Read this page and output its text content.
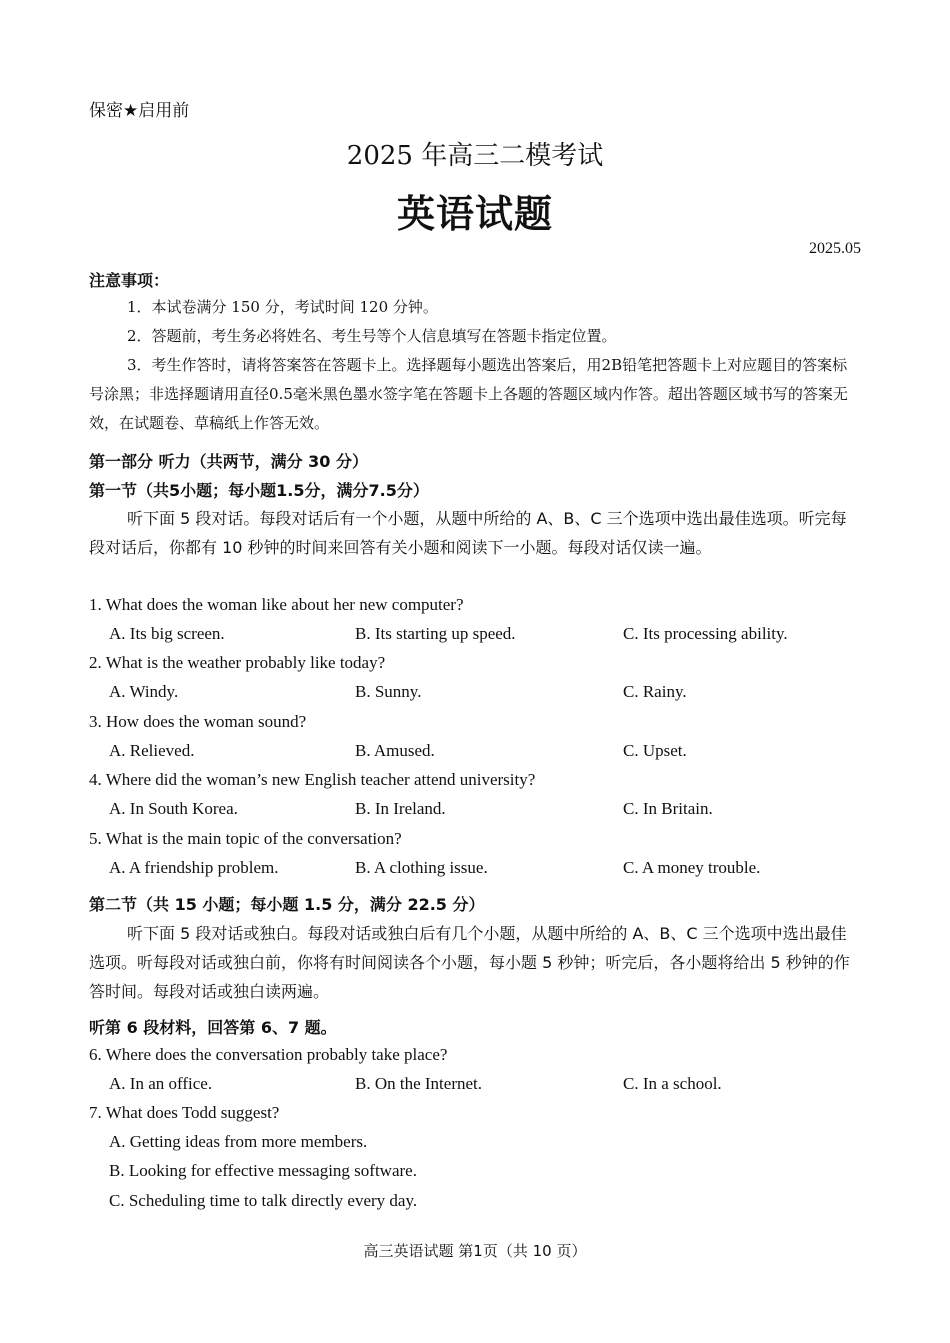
保密★启用前
2025 年高三二模考试
英语试题
2025.05
注意事项：
1．本试卷满分 150 分，考试时间 120 分钟。
2．答题前，考生务必将姓名、考生号等个人信息填写在答题卡指定位置。
3．考生作答时，请将答案答在答题卡上。选择题每小题选出答案后，用2B铅笔把答题卡上对应题目的答案标号涂黑；非选择题请用直径0.5毫米黑色墨水签字笔在答题卡上各题的答题区域内作答。超出答题区域书写的答案无效，在试题卷、草稿纸上作答无效。
第一部分 听力（共两节，满分 30 分）
第一节（共5小题；每小题1.5分，满分7.5分）
听下面 5 段对话。每段对话后有一个小题，从题中所给的 A、B、C 三个选项中选出最佳选项。听完每段对话后，你都有 10 秒钟的时间来回答有关小题和阅读下一小题。每段对话仅读一遍。
1. What does the woman like about her new computer?
A. Its big screen.	B. Its starting up speed.	C. Its processing ability.
2. What is the weather probably like today?
A. Windy.	B. Sunny.	C. Rainy.
3. How does the woman sound?
A. Relieved.	B. Amused.	C. Upset.
4. Where did the woman’s new English teacher attend university?
A. In South Korea.	B. In Ireland.	C. In Britain.
5. What is the main topic of the conversation?
A. A friendship problem.	B. A clothing issue.	C. A money trouble.
第二节（共 15 小题；每小题 1.5 分，满分 22.5 分）
听下面 5 段对话或独白。每段对话或独白后有几个小题，从题中所给的 A、B、C 三个选项中选出最佳选项。听每段对话或独白前，你将有时间阅读各个小题，每小题 5 秒钟；听完后，各小题将给出 5 秒钟的作答时间。每段对话或独白读两遍。
听第 6 段材料，回答第 6、7 题。
6. Where does the conversation probably take place?
A. In an office.	B. On the Internet.	C. In a school.
7. What does Todd suggest?
A. Getting ideas from more members.
B. Looking for effective messaging software.
C. Scheduling time to talk directly every day.
高三英语试题 第1页（共 10 页）
